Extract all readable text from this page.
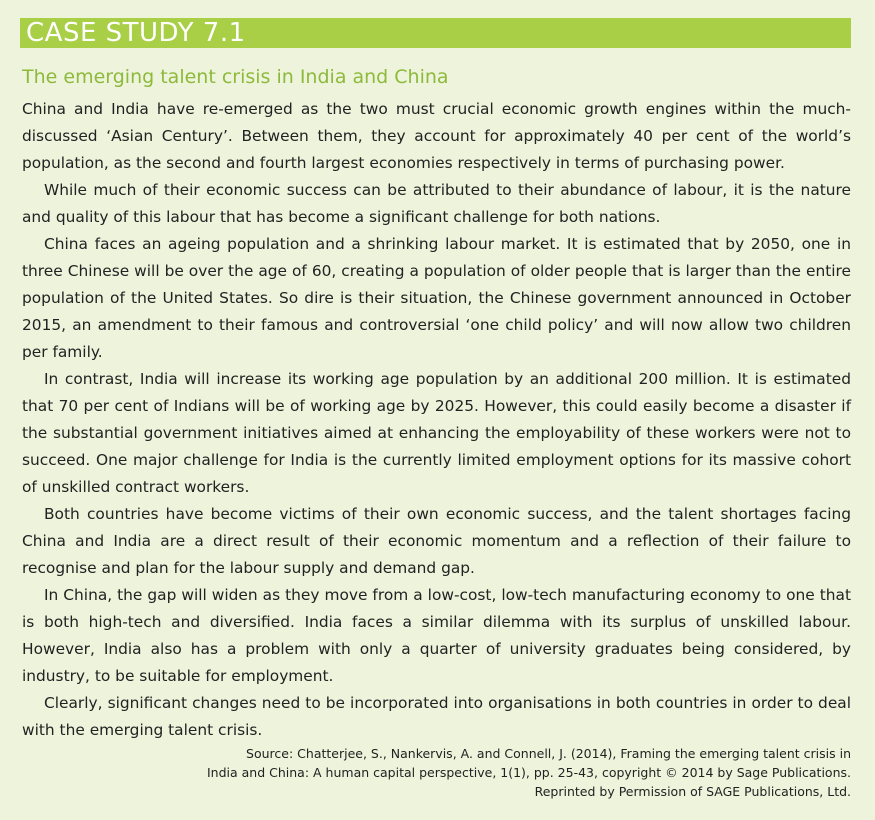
CASE STUDY 7.1
The emerging talent crisis in India and China

China and India have re-emerged as the two must crucial economic growth engines within the much-discussed ‘Asian Century’. Between them, they account for approximately 40 per cent of the world’s population, as the second and fourth largest economies respectively in terms of purchasing power.

While much of their economic success can be attributed to their abundance of labour, it is the nature and quality of this labour that has become a significant challenge for both nations.

China faces an ageing population and a shrinking labour market. It is estimated that by 2050, one in three Chinese will be over the age of 60, creating a population of older people that is larger than the entire population of the United States. So dire is their situation, the Chinese government announced in October 2015, an amendment to their famous and controversial ‘one child policy’ and will now allow two children per family.

In contrast, India will increase its working age population by an additional 200 million. It is estimated that 70 per cent of Indians will be of working age by 2025. However, this could easily become a disaster if the substantial government initiatives aimed at enhancing the employability of these workers were not to succeed. One major challenge for India is the currently limited employment options for its massive cohort of unskilled contract workers.

Both countries have become victims of their own economic success, and the talent shortages facing China and India are a direct result of their economic momentum and a reflection of their failure to recognise and plan for the labour supply and demand gap.

In China, the gap will widen as they move from a low-cost, low-tech manufacturing economy to one that is both high-tech and diversified. India faces a similar dilemma with its surplus of unskilled labour. However, India also has a problem with only a quarter of university graduates being considered, by industry, to be suitable for employment.

Clearly, significant changes need to be incorporated into organisations in both countries in order to deal with the emerging talent crisis.

Source: Chatterjee, S., Nankervis, A. and Connell, J. (2014), Framing the emerging talent crisis in
India and China: A human capital perspective, 1(1), pp. 25-43, copyright © 2014 by Sage Publications.
Reprinted by Permission of SAGE Publications, Ltd.
